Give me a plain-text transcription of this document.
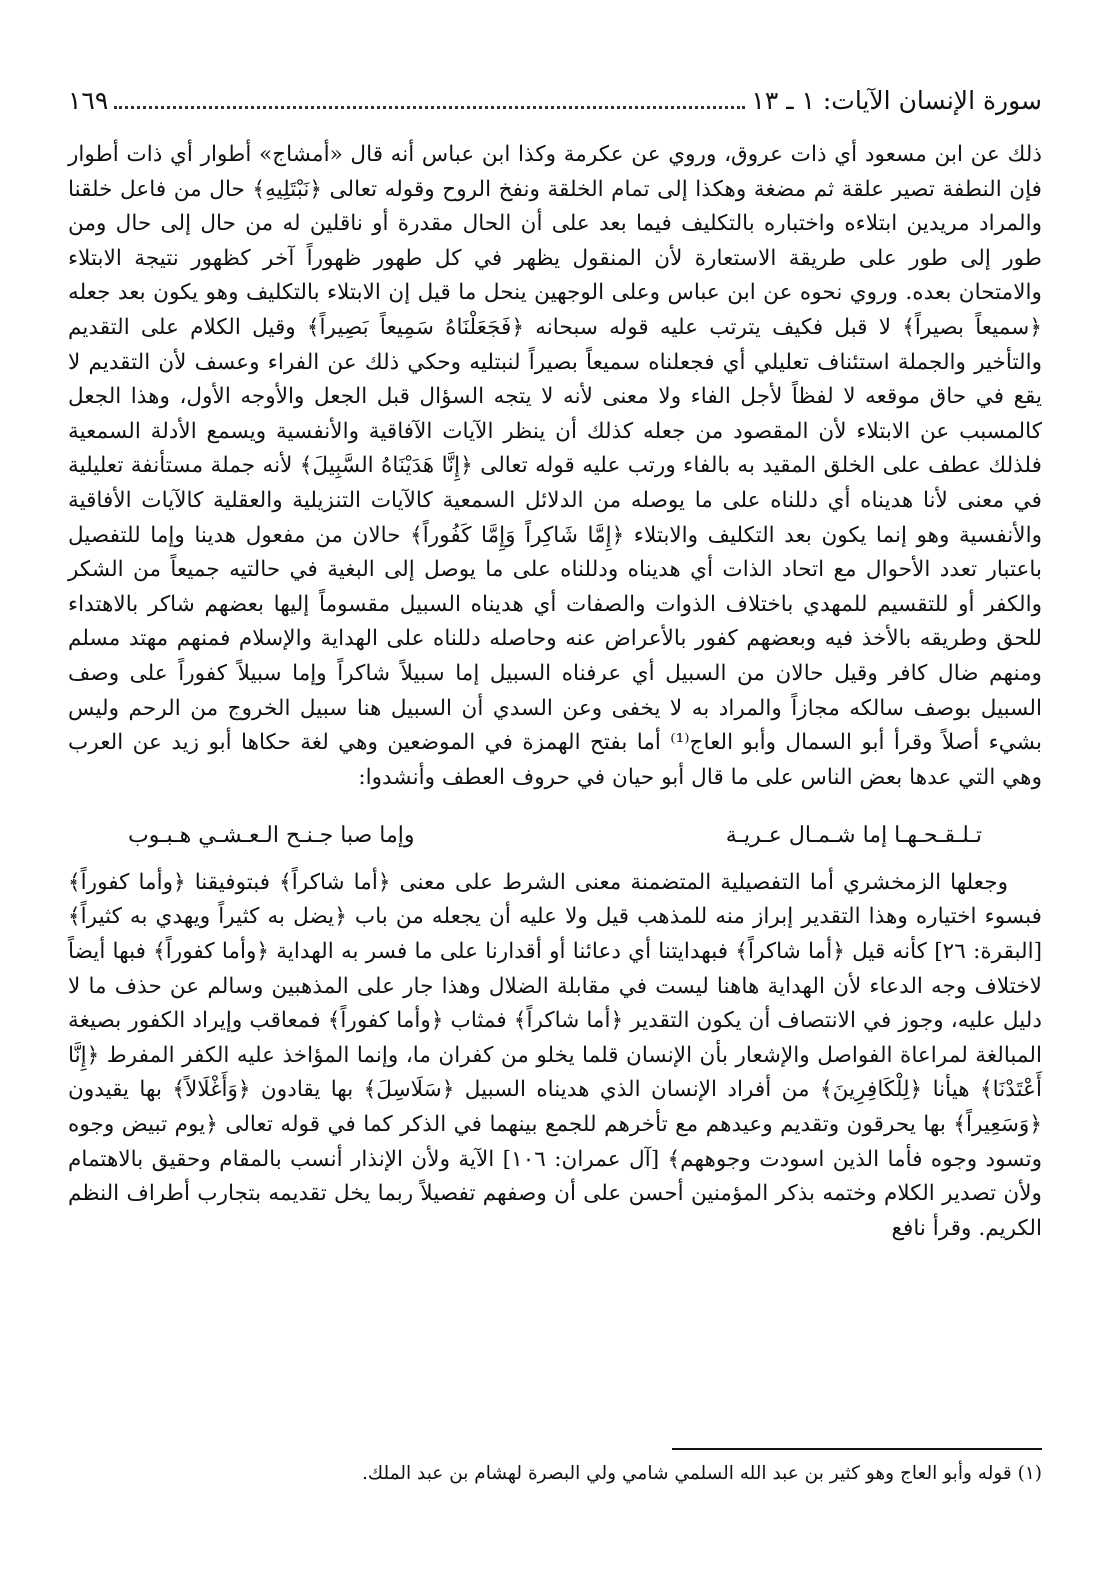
سورة الإنسان الآيات: ١ ـ ١٣
١٦٩

ذلك عن ابن مسعود أي ذات عروق، وروي عن عكرمة وكذا ابن عباس أنه قال «أمشاج» أطوار أي ذات أطوار فإن النطفة تصير علقة ثم مضغة وهكذا إلى تمام الخلقة ونفخ الروح وقوله تعالى ﴿نَبْتَلِيهِ﴾ حال من فاعل خلقنا والمراد مريدين ابتلاءه واختباره بالتكليف فيما بعد على أن الحال مقدرة أو ناقلين له من حال إلى حال ومن طور إلى طور على طريقة الاستعارة لأن المنقول يظهر في كل طهور ظهوراً آخر كظهور نتيجة الابتلاء والامتحان بعده. وروي نحوه عن ابن عباس وعلى الوجهين ينحل ما قيل إن الابتلاء بالتكليف وهو يكون بعد جعله ﴿سميعاً بصيراً﴾ لا قبل فكيف يترتب عليه قوله سبحانه ﴿فَجَعَلْنَاهُ سَمِيعاً بَصِيراً﴾ وقيل الكلام على التقديم والتأخير والجملة استئناف تعليلي أي فجعلناه سميعاً بصيراً لنبتليه وحكي ذلك عن الفراء وعسف لأن التقديم لا يقع في حاق موقعه لا لفظاً لأجل الفاء ولا معنى لأنه لا يتجه السؤال قبل الجعل والأوجه الأول، وهذا الجعل كالمسبب عن الابتلاء لأن المقصود من جعله كذلك أن ينظر الآيات الآفاقية والأنفسية ويسمع الأدلة السمعية فلذلك عطف على الخلق المقيد به بالفاء ورتب عليه قوله تعالى ﴿إِنَّا هَدَيْنَاهُ السَّبِيلَ﴾ لأنه جملة مستأنفة تعليلية في معنى لأنا هديناه أي دللناه على ما يوصله من الدلائل السمعية كالآيات التنزيلية والعقلية كالآيات الأفاقية والأنفسية وهو إنما يكون بعد التكليف والابتلاء ﴿إِمَّا شَاكِراً وَإِمَّا كَفُوراً﴾ حالان من مفعول هدينا وإما للتفصيل باعتبار تعدد الأحوال مع اتحاد الذات أي هديناه ودللناه على ما يوصل إلى البغية في حالتيه جميعاً من الشكر والكفر أو للتقسيم للمهدي باختلاف الذوات والصفات أي هديناه السبيل مقسوماً إليها بعضهم شاكر بالاهتداء للحق وطريقه بالأخذ فيه وبعضهم كفور بالأعراض عنه وحاصله دللناه على الهداية والإسلام فمنهم مهتد مسلم ومنهم ضال كافر وقيل حالان من السبيل أي عرفناه السبيل إما سبيلاً شاكراً وإما سبيلاً كفوراً على وصف السبيل بوصف سالكه مجازاً والمراد به لا يخفى وعن السدي أن السبيل هنا سبيل الخروج من الرحم وليس بشيء أصلاً وقرأ أبو السمال وأبو العاج⁽¹⁾ أما بفتح الهمزة في الموضعين وهي لغة حكاها أبو زيد عن العرب وهي التي عدها بعض الناس على ما قال أبو حيان في حروف العطف وأنشدوا:

تـلـقـحـهـا إما شـمـال عـريـة
وإما صبا جـنـح الـعـشـي هـبـوب

وجعلها الزمخشري أما التفصيلية المتضمنة معنى الشرط على معنى ﴿أما شاكراً﴾ فبتوفيقنا ﴿وأما كفوراً﴾ فبسوء اختياره وهذا التقدير إبراز منه للمذهب قيل ولا عليه أن يجعله من باب ﴿يضل به كثيراً ويهدي به كثيراً﴾ [البقرة: ٢٦] كأنه قيل ﴿أما شاكراً﴾ فبهدايتنا أي دعائنا أو أقدارنا على ما فسر به الهداية ﴿وأما كفوراً﴾ فبها أيضاً لاختلاف وجه الدعاء لأن الهداية هاهنا ليست في مقابلة الضلال وهذا جار على المذهبين وسالم عن حذف ما لا دليل عليه، وجوز في الانتصاف أن يكون التقدير ﴿أما شاكراً﴾ فمثاب ﴿وأما كفوراً﴾ فمعاقب وإيراد الكفور بصيغة المبالغة لمراعاة الفواصل والإشعار بأن الإنسان قلما يخلو من كفران ما، وإنما المؤاخذ عليه الكفر المفرط ﴿إِنَّا أَعْتَدْنَا﴾ هيأنا ﴿لِلْكَافِرِينَ﴾ من أفراد الإنسان الذي هديناه السبيل ﴿سَلَاسِلَ﴾ بها يقادون ﴿وَأَغْلَالاً﴾ بها يقيدون ﴿وَسَعِيراً﴾ بها يحرقون وتقديم وعيدهم مع تأخرهم للجمع بينهما في الذكر كما في قوله تعالى ﴿يوم تبيض وجوه وتسود وجوه فأما الذين اسودت وجوههم﴾ [آل عمران: ١٠٦] الآية ولأن الإنذار أنسب بالمقام وحقيق بالاهتمام ولأن تصدير الكلام وختمه بذكر المؤمنين أحسن على أن وصفهم تفصيلاً ربما يخل تقديمه بتجارب أطراف النظم الكريم. وقرأ نافع

(١) قوله وأبو العاج وهو كثير بن عبد الله السلمي شامي ولي البصرة لهشام بن عبد الملك.
